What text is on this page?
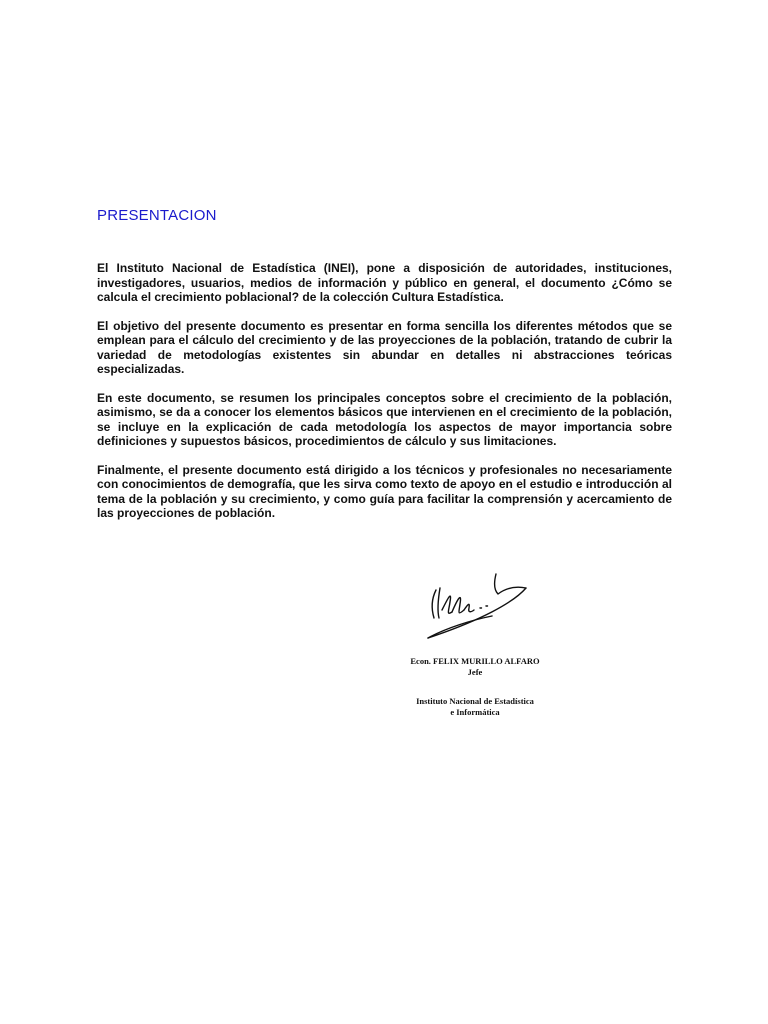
PRESENTACION

El Instituto Nacional de Estadística (INEI), pone a disposición de autoridades, instituciones, investigadores, usuarios, medios de información y público en general, el documento ¿Cómo se calcula el crecimiento poblacional? de la colección Cultura Estadística.

El objetivo del presente documento es presentar en forma sencilla los diferentes métodos que se emplean para el cálculo del crecimiento y de las proyecciones de la población, tratando de cubrir la variedad de metodologías existentes sin abundar en detalles ni abstracciones teóricas especializadas.

En este documento, se resumen los principales conceptos sobre el crecimiento de la población, asimismo, se da a conocer los elementos básicos que intervienen en el crecimiento de la población, se incluye en la explicación de cada metodología los aspectos de mayor importancia sobre definiciones y supuestos básicos, procedimientos de cálculo y sus limitaciones.

Finalmente, el presente documento está dirigido a los técnicos y profesionales no necesariamente con conocimientos de demografía, que les sirva como texto de apoyo en el estudio e introducción al tema de la población y su crecimiento, y como guía para facilitar la comprensión y acercamiento de las proyecciones de población.

Econ. FELIX MURILLO ALFARO

Jefe

Instituto Nacional de Estadística

e Informática
